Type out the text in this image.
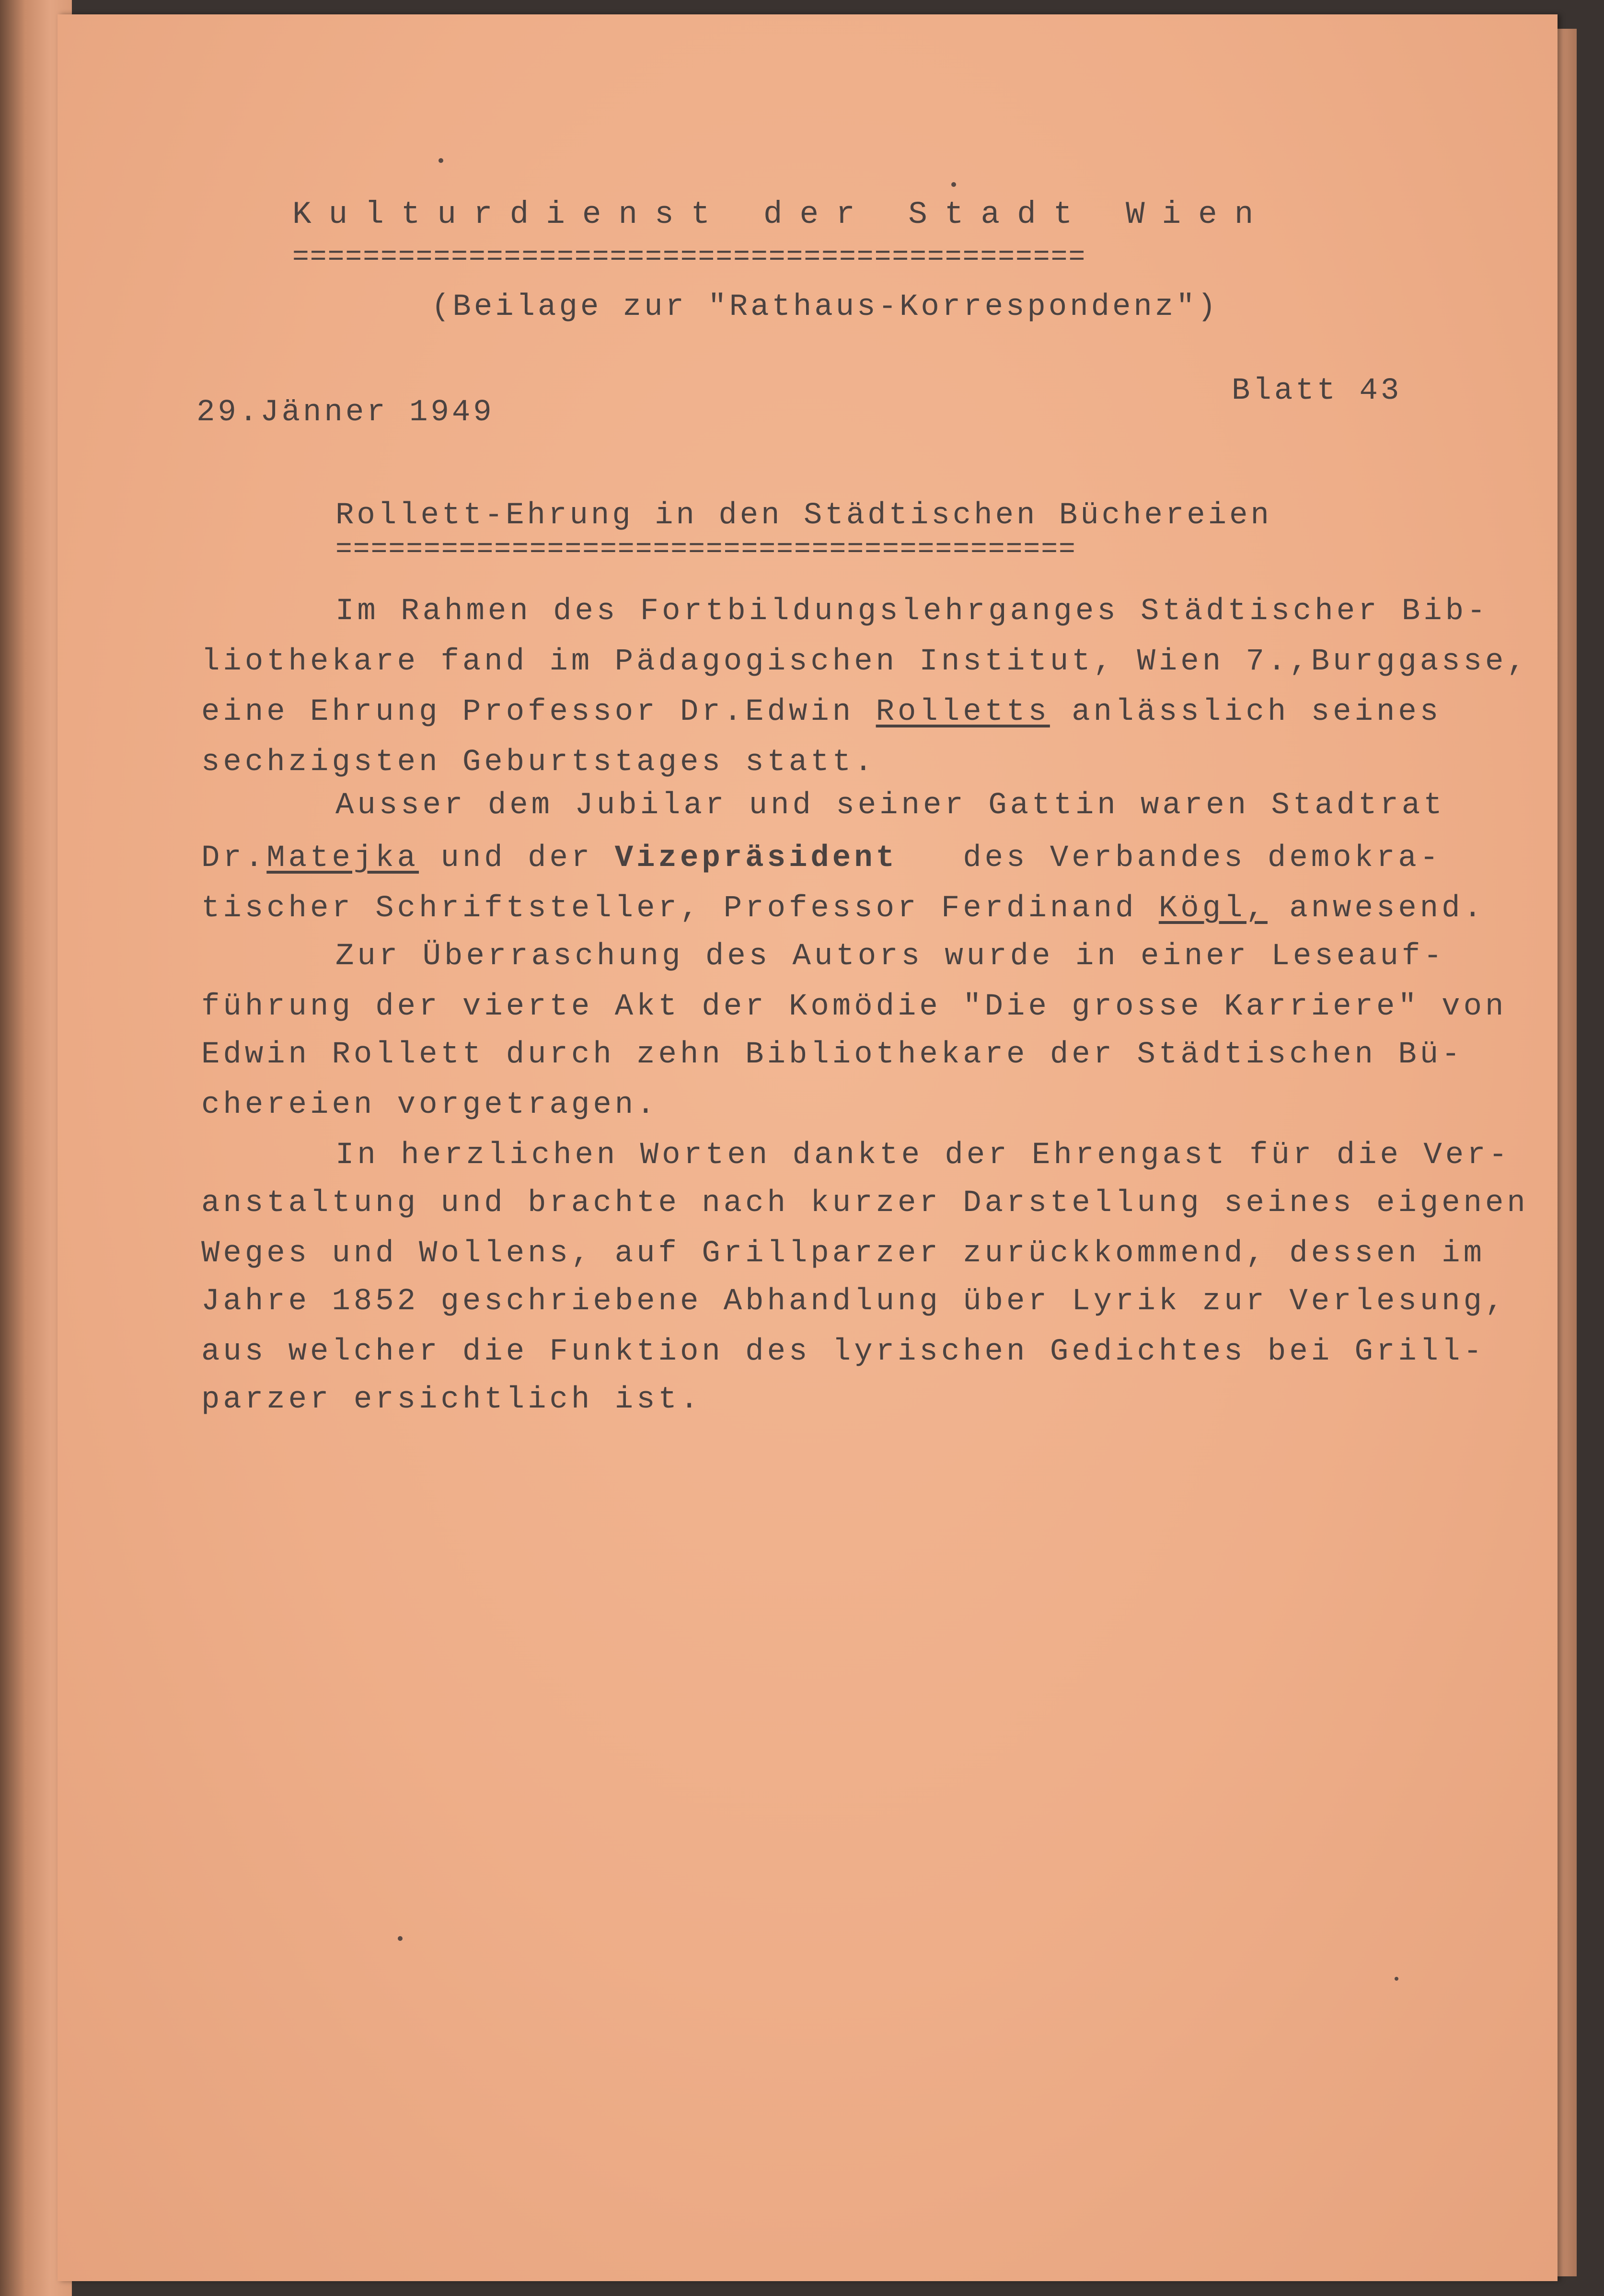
Kulturdienst der Stadt Wien
=============================================
(Beilage zur "Rathaus-Korrespondenz")
29.Jänner 1949
Blatt 43
Rollett-Ehrung in den Städtischen Büchereien
==========================================
Im Rahmen des Fortbildungslehrganges Städtischer Bib-
liothekare fand im Pädagogischen Institut, Wien 7.,Burggasse,
eine Ehrung Professor Dr.Edwin Rolletts anlässlich seines
sechzigsten Geburtstages statt.
Ausser dem Jubilar und seiner Gattin waren Stadtrat
Dr.Matejka und der Vizepräsident   des Verbandes demokra-
tischer Schriftsteller, Professor Ferdinand Kögl, anwesend.
Zur Überraschung des Autors wurde in einer Leseauf-
führung der vierte Akt der Komödie "Die grosse Karriere" von
Edwin Rollett durch zehn Bibliothekare der Städtischen Bü-
chereien vorgetragen.
In herzlichen Worten dankte der Ehrengast für die Ver-
anstaltung und brachte nach kurzer Darstellung seines eigenen
Weges und Wollens, auf Grillparzer zurückkommend, dessen im
Jahre 1852 geschriebene Abhandlung über Lyrik zur Verlesung,
aus welcher die Funktion des lyrischen Gedichtes bei Grill-
parzer ersichtlich ist.
